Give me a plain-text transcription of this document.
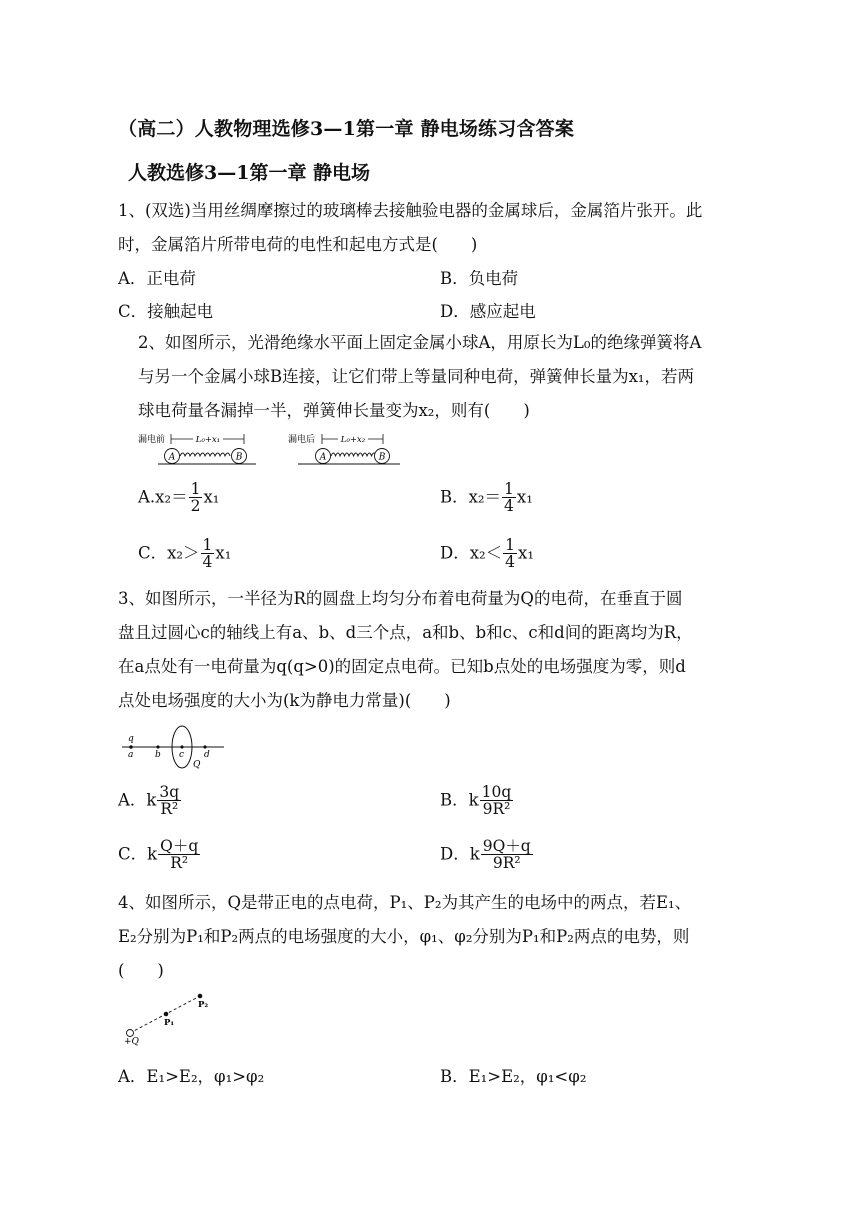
（高二）人教物理选修3—1第一章 静电场练习含答案
人教选修3—1第一章 静电场
1、(双选)当用丝绸摩擦过的玻璃棒去接触验电器的金属球后，金属箔片张开。此
时，金属箔片所带电荷的电性和起电方式是(　　)
A．正电荷	B．负电荷
C．接触起电	D．感应起电
2、如图所示，光滑绝缘水平面上固定金属小球A，用原长为L₀的绝缘弹簧将A
与另一个金属小球B连接，让它们带上等量同种电荷，弹簧伸长量为x₁，若两
球电荷量各漏掉一半，弹簧伸长量变为x₂，则有(　　)
漏电前	L₀+x₁
A	B
漏电后	L₀+x₂
A	B
$A.x_2= \frac{1}{2} x_1$	B．$x_2= \frac{1}{4} x_1$
C．$x_2> \frac{1}{4} x_1$	D．$x_2< \frac{1}{4} x_1$
3、如图所示，一半径为R的圆盘上均匀分布着电荷量为Q的电荷，在垂直于圆
盘且过圆心c的轴线上有a、b、d三个点，a和b、b和c、c和d间的距离均为R，
在a点处有一电荷量为q(q>0)的固定点电荷。已知b点处的电场强度为零，则d
点处电场强度的大小为(k为静电力常量)(　　)
q
a b c d
Q
A．k $\frac{3q}{\text{R²}}$	B．k $\frac{10q}{\text{9R²}}$
C．k $\frac{Q+q}{\text{R²}}$	D．k $\frac{9Q+q}{\text{9R²}}$
4、如图所示，Q是带正电的点电荷，P₁、P₂为其产生的电场中的两点，若E₁、
E₂分别为P₁和P₂两点的电场强度的大小，φ₁、φ₂分别为P₁和P₂两点的电势，则
(　　)
+Q
P₁
P₂
A．E₁>E₂，φ₁>φ₂	B．E₁>E₂，φ₁<φ₂
